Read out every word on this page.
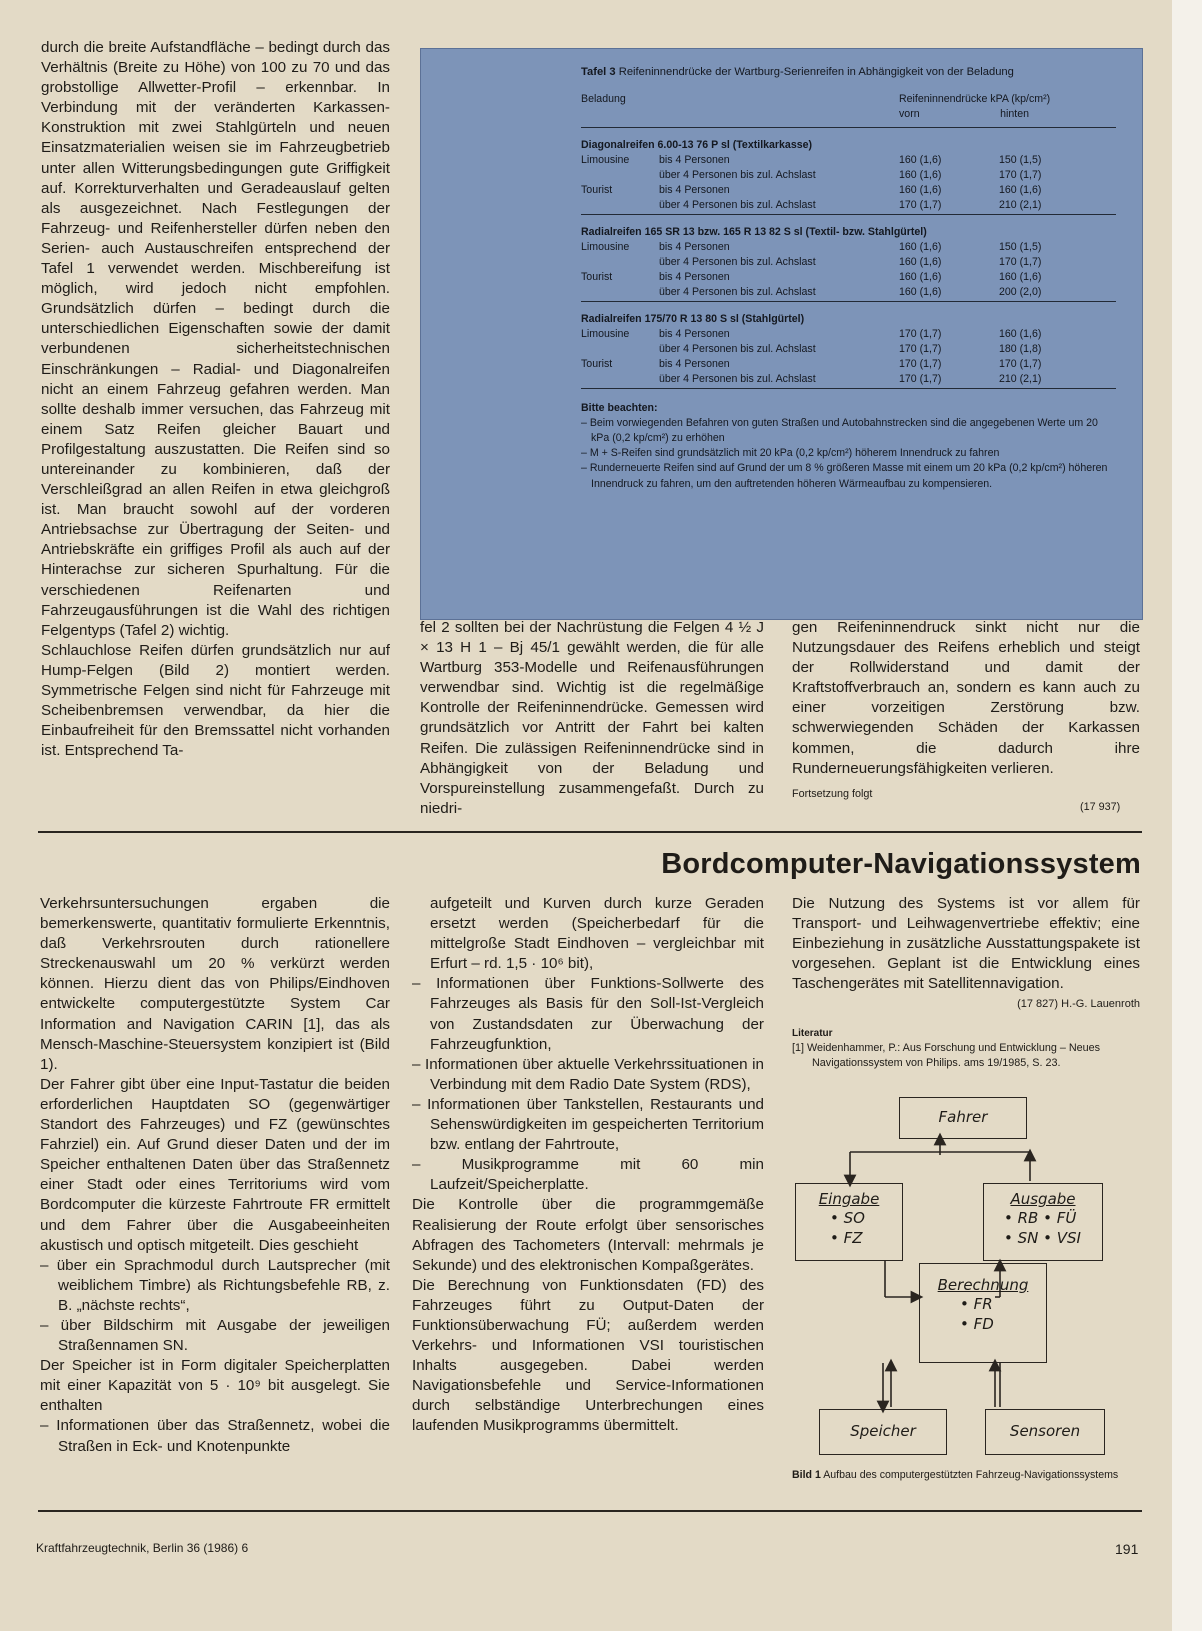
durch die breite Aufstandfläche – bedingt durch das Verhältnis (Breite zu Höhe) von 100 zu 70 und das grobstollige Allwetter-Profil – erkennbar. In Verbindung mit der veränderten Karkassen-Konstruktion mit zwei Stahlgürteln und neuen Einsatzmaterialien weisen sie im Fahrzeugbetrieb unter allen Witterungsbedingungen gute Griffigkeit auf. Korrekturverhalten und Geradeauslauf gelten als ausgezeichnet. Nach Festlegungen der Fahrzeug- und Reifenhersteller dürfen neben den Serien- auch Austauschreifen entsprechend der Tafel 1 verwendet werden. Mischbereifung ist möglich, wird jedoch nicht empfohlen. Grundsätzlich dürfen – bedingt durch die unterschiedlichen Eigenschaften sowie der damit verbundenen sicherheitstechnischen Einschränkungen – Radial- und Diagonalreifen nicht an einem Fahrzeug gefahren werden. Man sollte deshalb immer versuchen, das Fahrzeug mit einem Satz Reifen gleicher Bauart und Profilgestaltung auszustatten. Die Reifen sind so untereinander zu kombinieren, daß der Verschleißgrad an allen Reifen in etwa gleichgroß ist. Man braucht sowohl auf der vorderen Antriebsachse zur Übertragung der Seiten- und Antriebskräfte ein griffiges Profil als auch auf der Hinterachse zur sicheren Spurhaltung. Für die verschiedenen Reifenarten und Fahrzeugausführungen ist die Wahl des richtigen Felgentyps (Tafel 2) wichtig.

Schlauchlose Reifen dürfen grundsätzlich nur auf Hump-Felgen (Bild 2) montiert werden. Symmetrische Felgen sind nicht für Fahrzeuge mit Scheibenbremsen verwendbar, da hier die Einbaufreiheit für den Bremssattel nicht vorhanden ist. Entsprechend Ta-

Tafel 3 Reifeninnendrücke der Wartburg-Serienreifen in Abhängigkeit von der Beladung
Beladung		Reifeninnendrücke kPA (kp/cm²)
vorn hinten	

Diagonalreifen 6.00-13 76 P sl (Textilkarkasse)			
Limousine	bis 4 Personen	160 (1,6)	150 (1,5)
	über 4 Personen bis zul. Achslast	160 (1,6)	170 (1,7)
Tourist	bis 4 Personen	160 (1,6)	160 (1,6)
	über 4 Personen bis zul. Achslast	170 (1,7)	210 (2,1)
Radialreifen 165 SR 13 bzw. 165 R 13 82 S sl (Textil- bzw. Stahlgürtel)			
Limousine	bis 4 Personen	160 (1,6)	150 (1,5)
	über 4 Personen bis zul. Achslast	160 (1,6)	170 (1,7)
Tourist	bis 4 Personen	160 (1,6)	160 (1,6)
	über 4 Personen bis zul. Achslast	160 (1,6)	200 (2,0)
Radialreifen 175/70 R 13 80 S sl (Stahlgürtel)			
Limousine	bis 4 Personen	170 (1,7)	160 (1,6)
	über 4 Personen bis zul. Achslast	170 (1,7)	180 (1,8)
Tourist	bis 4 Personen	170 (1,7)	170 (1,7)
	über 4 Personen bis zul. Achslast	170 (1,7)	210 (2,1)

Bitte beachten:
– Beim vorwiegenden Befahren von guten Straßen und Autobahnstrecken sind die angegebenen Werte um 20 kPa (0,2 kp/cm²) zu erhöhen
– M + S-Reifen sind grundsätzlich mit 20 kPa (0,2 kp/cm²) höherem Innendruck zu fahren
– Runderneuerte Reifen sind auf Grund der um 8 % größeren Masse mit einem um 20 kPa (0,2 kp/cm²) höheren Innendruck zu fahren, um den auftretenden höheren Wärmeaufbau zu kompensieren.

fel 2 sollten bei der Nachrüstung die Felgen 4 ½ J × 13 H 1 – Bj 45/1 gewählt werden, die für alle Wartburg 353-Modelle und Reifenausführungen verwendbar sind. Wichtig ist die regelmäßige Kontrolle der Reifeninnendrücke. Gemessen wird grundsätzlich vor Antritt der Fahrt bei kalten Reifen. Die zulässigen Reifeninnendrücke sind in Abhängigkeit von der Beladung und Vorspureinstellung zusammengefaßt. Durch zu niedri-

gen Reifeninnendruck sinkt nicht nur die Nutzungsdauer des Reifens erheblich und steigt der Rollwiderstand und damit der Kraftstoffverbrauch an, sondern es kann auch zu einer vorzeitigen Zerstörung bzw. schwerwiegenden Schäden der Karkassen kommen, die dadurch ihre Runderneuerungsfähigkeiten verlieren.

Fortsetzung folgt
(17 937)
Bordcomputer-Navigationssystem

Verkehrsuntersuchungen ergaben die bemerkenswerte, quantitativ formulierte Erkenntnis, daß Verkehrsrouten durch rationellere Streckenauswahl um 20 % verkürzt werden können. Hierzu dient das von Philips/Eindhoven entwickelte computergestützte System Car Information and Navigation CARIN [1], das als Mensch-Maschine-Steuersystem konzipiert ist (Bild 1).

Der Fahrer gibt über eine Input-Tastatur die beiden erforderlichen Hauptdaten SO (gegenwärtiger Standort des Fahrzeuges) und FZ (gewünschtes Fahrziel) ein. Auf Grund dieser Daten und der im Speicher enthaltenen Daten über das Straßennetz einer Stadt oder eines Territoriums wird vom Bordcomputer die kürzeste Fahrtroute FR ermittelt und dem Fahrer über die Ausgabeeinheiten akustisch und optisch mitgeteilt. Dies geschieht

– über ein Sprachmodul durch Lautsprecher (mit weiblichem Timbre) als Richtungsbefehle RB, z. B. „nächste rechts“,
– über Bildschirm mit Ausgabe der jeweiligen Straßennamen SN.

Der Speicher ist in Form digitaler Speicherplatten mit einer Kapazität von 5 · 10⁹ bit ausgelegt. Sie enthalten

– Informationen über das Straßennetz, wobei die Straßen in Eck- und Knotenpunkte

aufgeteilt und Kurven durch kurze Geraden ersetzt werden (Speicherbedarf für die mittelgroße Stadt Eindhoven – vergleichbar mit Erfurt – rd. 1,5 · 10⁶ bit),

– Informationen über Funktions-Sollwerte des Fahrzeuges als Basis für den Soll-Ist-Vergleich von Zustandsdaten zur Überwachung der Fahrzeugfunktion,
– Informationen über aktuelle Verkehrssituationen in Verbindung mit dem Radio Date System (RDS),
– Informationen über Tankstellen, Restaurants und Sehenswürdigkeiten im gespeicherten Territorium bzw. entlang der Fahrtroute,
– Musikprogramme mit 60 min Laufzeit/Speicherplatte.

Die Kontrolle über die programmgemäße Realisierung der Route erfolgt über sensorisches Abfragen des Tachometers (Intervall: mehrmals je Sekunde) und des elektronischen Kompaßgerätes.

Die Berechnung von Funktionsdaten (FD) des Fahrzeuges führt zu Output-Daten der Funktionsüberwachung FÜ; außerdem werden Verkehrs- und Informationen VSI touristischen Inhalts ausgegeben. Dabei werden Navigationsbefehle und Service-Informationen durch selbständige Unterbrechungen eines laufenden Musikprogramms übermittelt.

Die Nutzung des Systems ist vor allem für Transport- und Leihwagenvertriebe effektiv; eine Einbeziehung in zusätzliche Ausstattungspakete ist vorgesehen. Geplant ist die Entwicklung eines Taschengerätes mit Satellitennavigation.
(17 827) H.-G. Lauenroth

Literatur
[1] Weidenhammer, P.: Aus Forschung und Entwicklung – Neues Navigationssystem von Philips. ams 19/1985, S. 23.
Fahrer
Eingabe
• SO
• FZ
Ausgabe
• RB • FÜ
• SN • VSI
Berechnung
• FR
• FD
Speicher	Sensoren
Bild 1 Aufbau des computergestützten Fahrzeug-Navigationssystems
Kraftfahrzeugtechnik, Berlin 36 (1986) 6	191
